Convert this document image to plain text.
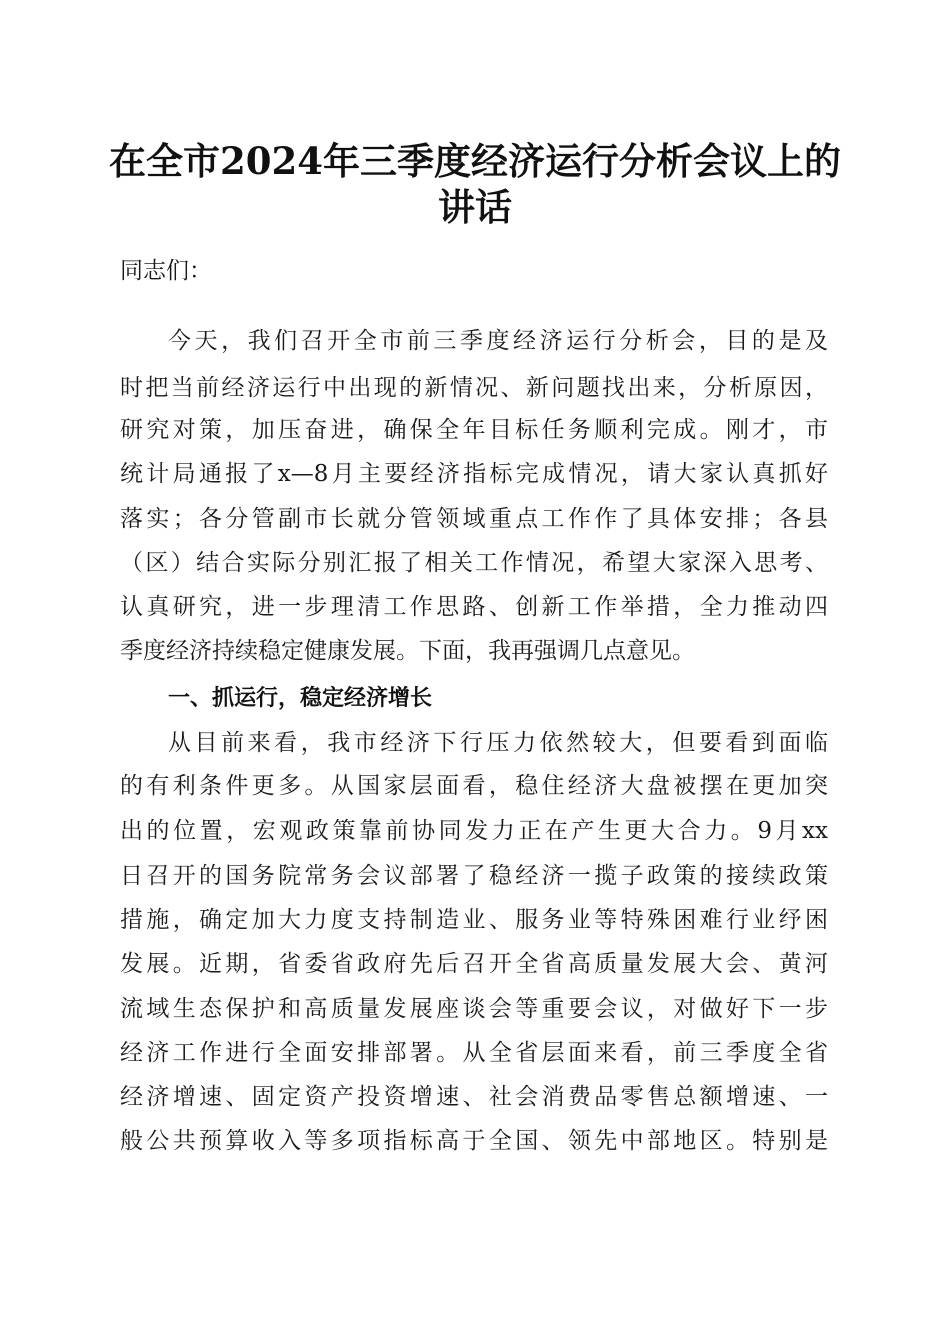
在全市2024年三季度经济运行分析会议上的
讲话
同志们：
今天，我们召开全市前三季度经济运行分析会，目的是及
时把当前经济运行中出现的新情况、新问题找出来，分析原因，
研究对策，加压奋进，确保全年目标任务顺利完成。刚才，市
统计局通报了x—8月主要经济指标完成情况，请大家认真抓好
落实；各分管副市长就分管领域重点工作作了具体安排；各县
（区）结合实际分别汇报了相关工作情况，希望大家深入思考、
认真研究，进一步理清工作思路、创新工作举措，全力推动四
季度经济持续稳定健康发展。下面，我再强调几点意见。
一、抓运行，稳定经济增长
从目前来看，我市经济下行压力依然较大，但要看到面临
的有利条件更多。从国家层面看，稳住经济大盘被摆在更加突
出的位置，宏观政策靠前协同发力正在产生更大合力。9月xx
日召开的国务院常务会议部署了稳经济一揽子政策的接续政策
措施，确定加大力度支持制造业、服务业等特殊困难行业纾困
发展。近期，省委省政府先后召开全省高质量发展大会、黄河
流域生态保护和高质量发展座谈会等重要会议，对做好下一步
经济工作进行全面安排部署。从全省层面来看，前三季度全省
经济增速、固定资产投资增速、社会消费品零售总额增速、一
般公共预算收入等多项指标高于全国、领先中部地区。特别是
